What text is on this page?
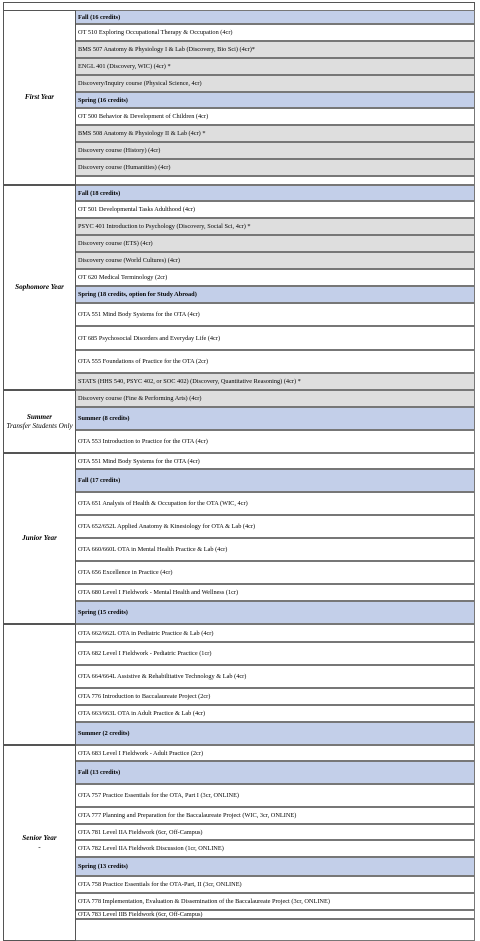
Fall (16 credits)
OT 510 Exploring Occupational Therapy & Occupation (4cr)
BMS 507 Anatomy & Physiology I & Lab (Discovery, Bio Sci) (4cr)*
ENGL 401 (Discovery, WIC) (4cr) *
Discovery/Inquiry course (Physical Science, 4cr)
Spring (16 credits)
OT 500 Behavior & Development of Children (4cr)
BMS 508 Anatomy & Physiology II & Lab (4cr) *
Discovery course (History) (4cr)
Discovery course (Humanities) (4cr)
First Year
Fall (18 credits)
OT 501 Developmental Tasks Adulthood (4cr)
PSYC 401 Introduction to Psychology (Discovery, Social Sci, 4cr) *
Discovery course (ETS) (4cr)
Discovery course (World Cultures) (4cr)
OT 620 Medical Terminology (2cr)
Spring (18 credits, option for Study Abroad)
OTA 551 Mind Body Systems for the OTA (4cr)
OT 685 Psychosocial Disorders and Everyday Life (4cr)
OTA 555 Foundations of Practice for the OTA (2cr)
STATS (HHS 540, PSYC 402, or SOC 402) (Discovery, Quantitative Reasoning) (4cr) *
Sophomore Year
Discovery course (Fine & Performing Arts) (4cr)
Summer (8 credits)
OTA 553 Introduction to Practice for the OTA (4cr)
Summer
Transfer Students Only
OTA 551 Mind Body Systems for the OTA (4cr)
Fall (17 credits)
OTA 651 Analysis of Health & Occupation for the OTA (WIC, 4cr)
OTA 652/652L Applied Anatomy & Kinesiology for OTA & Lab (4cr)
OTA 660/660L OTA in Mental Health Practice & Lab (4cr)
OTA 656 Excellence in Practice (4cr)
OTA 680 Level I Fieldwork - Mental Health and Wellness (1cr)
Spring (15 credits)
Junior Year
OTA 662/662L OTA in Pediatric Practice & Lab (4cr)
OTA 682 Level I Fieldwork - Pediatric Practice (1cr)
OTA 664/664L Assistive & Rehabilitative Technology & Lab (4cr)
OTA 776 Introduction to Baccalaureate Project (2cr)
OTA 663/663L OTA in Adult Practice & Lab (4cr)
Summer (2 credits)
OTA 683 Level I Fieldwork - Adult Practice (2cr)
Fall (13 credits)
OTA 757 Practice Essentials for the OTA, Part I (3cr, ONLINE)
OTA 777 Planning and Preparation for the Baccalaureate Project (WIC, 3cr, ONLINE)
OTA 781 Level IIA Fieldwork (6cr, Off-Campus)
OTA 782 Level IIA Fieldwork Discussion (1cr, ONLINE)
Spring (13 credits)
OTA 758 Practice Essentials for the OTA-Part, II (3cr, ONLINE)
OTA 778 Implementation, Evaluation & Dissemination of the Baccalaureate Project (3cr, ONLINE)
OTA 783 Level IIB Fieldwork (6cr, Off-Campus)
Senior Year
-
